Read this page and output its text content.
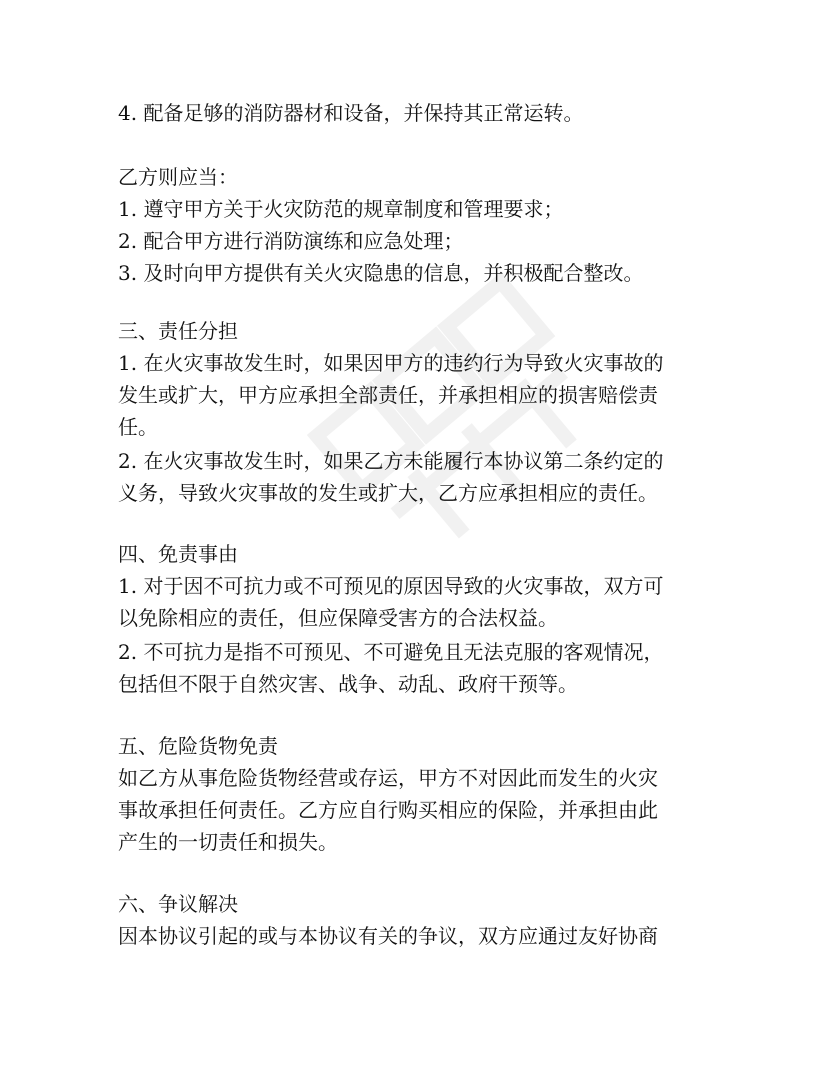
4. 配备足够的消防器材和设备，并保持其正常运转。
乙方则应当：
1. 遵守甲方关于火灾防范的规章制度和管理要求；
2. 配合甲方进行消防演练和应急处理；
3. 及时向甲方提供有关火灾隐患的信息，并积极配合整改。
三、责任分担
1. 在火灾事故发生时，如果因甲方的违约行为导致火灾事故的
发生或扩大，甲方应承担全部责任，并承担相应的损害赔偿责
任。
2. 在火灾事故发生时，如果乙方未能履行本协议第二条约定的
义务，导致火灾事故的发生或扩大，乙方应承担相应的责任。
四、免责事由
1. 对于因不可抗力或不可预见的原因导致的火灾事故，双方可
以免除相应的责任，但应保障受害方的合法权益。
2. 不可抗力是指不可预见、不可避免且无法克服的客观情况，
包括但不限于自然灾害、战争、动乱、政府干预等。
五、危险货物免责
如乙方从事危险货物经营或存运，甲方不对因此而发生的火灾
事故承担任何责任。乙方应自行购买相应的保险，并承担由此
产生的一切责任和损失。
六、争议解决
因本协议引起的或与本协议有关的争议，双方应通过友好协商
